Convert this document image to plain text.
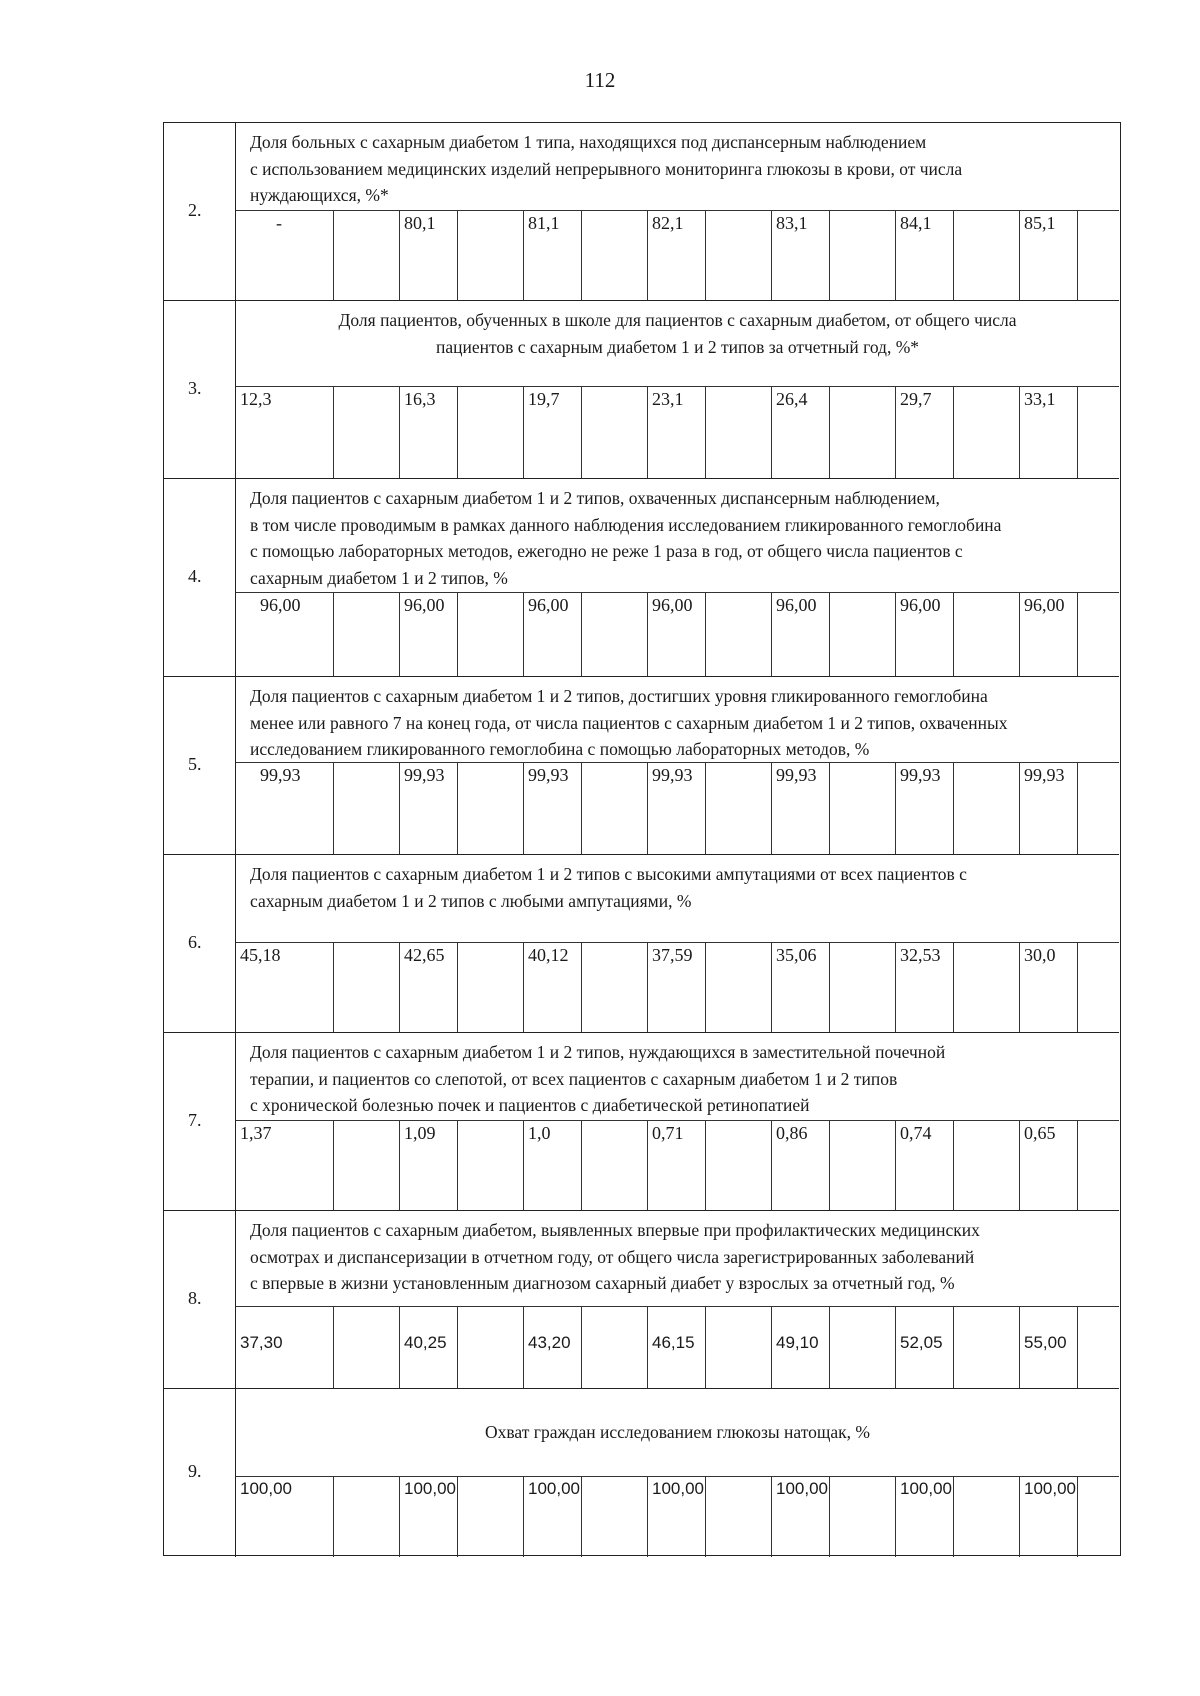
112
2.
Доля больных с сахарным диабетом 1 типа, находящихся под диспансерным наблюдением
с использованием медицинских изделий непрерывного мониторинга глюкозы в крови, от числа
нуждающихся, %*
-	80,1	81,1	82,1	83,1	84,1	85,1
3.
Доля пациентов, обученных в школе для пациентов с сахарным диабетом, от общего числа
пациентов с сахарным диабетом 1 и 2 типов за отчетный год, %*
12,3	16,3	19,7	23,1	26,4	29,7	33,1
4.
Доля пациентов с сахарным диабетом 1 и 2 типов, охваченных диспансерным наблюдением,
в том числе проводимым в рамках данного наблюдения исследованием гликированного гемоглобина
с помощью лабораторных методов, ежегодно не реже 1 раза в год, от общего числа пациентов с
сахарным диабетом 1 и 2 типов, %
96,00	96,00	96,00	96,00	96,00	96,00	96,00
5.
Доля пациентов с сахарным диабетом 1 и 2 типов, достигших уровня гликированного гемоглобина
менее или равного 7 на конец года, от числа пациентов с сахарным диабетом 1 и 2 типов, охваченных
исследованием гликированного гемоглобина с помощью лабораторных методов, %
99,93	99,93	99,93	99,93	99,93	99,93	99,93
6.
Доля пациентов с сахарным диабетом 1 и 2 типов с высокими ампутациями от всех пациентов с
сахарным диабетом 1 и 2 типов с любыми ампутациями, %
45,18	42,65	40,12	37,59	35,06	32,53	30,0
7.
Доля пациентов с сахарным диабетом 1 и 2 типов, нуждающихся в заместительной почечной
терапии, и пациентов со слепотой, от всех пациентов с сахарным диабетом 1 и 2 типов
с хронической болезнью почек и пациентов с диабетической ретинопатией
1,37	1,09	1,0	0,71	0,86	0,74	0,65
8.
Доля пациентов с сахарным диабетом, выявленных впервые при профилактических медицинских
осмотрах и диспансеризации в отчетном году, от общего числа зарегистрированных заболеваний
с впервые в жизни установленным диагнозом сахарный диабет у взрослых за отчетный год, %
37,30	40,25	43,20	46,15	49,10	52,05	55,00
9.
Охват граждан исследованием глюкозы натощак, %
100,00	100,00	100,00	100,00	100,00	100,00	100,00
